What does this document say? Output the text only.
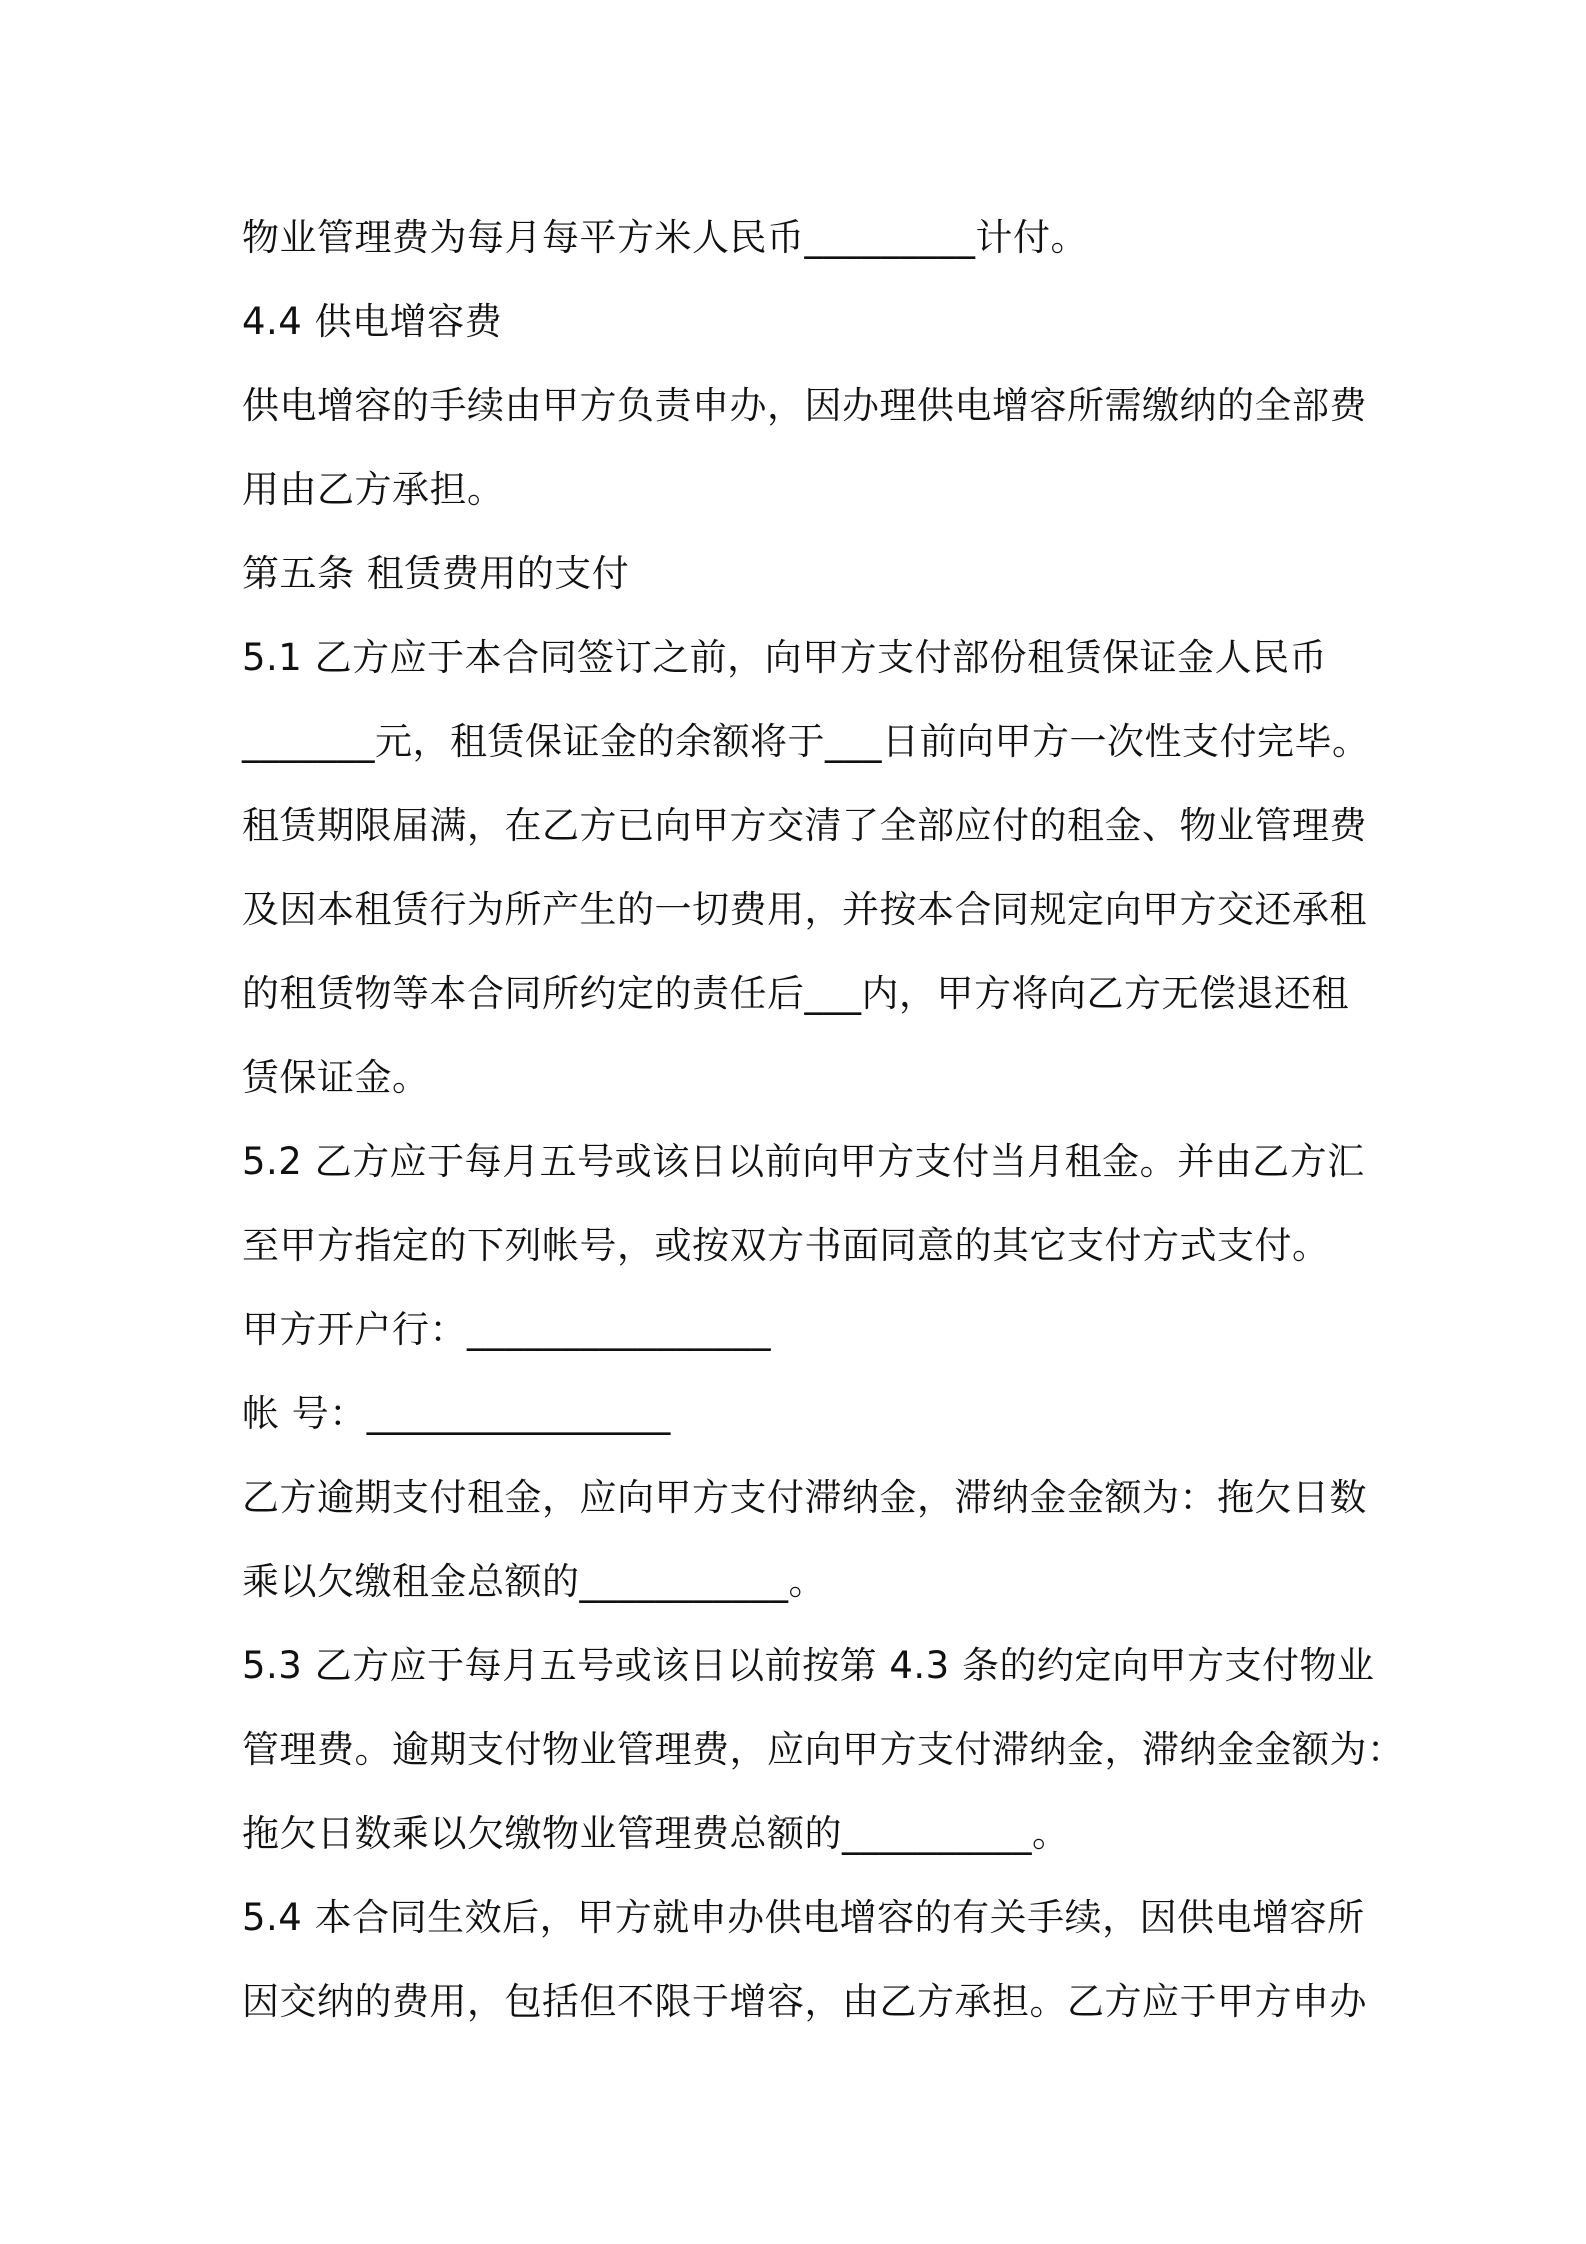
物业管理费为每月每平方米人民币_________计付。
4.4 供电增容费
供电增容的手续由甲方负责申办，因办理供电增容所需缴纳的全部费
用由乙方承担。
第五条 租赁费用的支付
5.1 乙方应于本合同签订之前，向甲方支付部份租赁保证金人民币
_______元，租赁保证金的余额将于___日前向甲方一次性支付完毕。
租赁期限届满，在乙方已向甲方交清了全部应付的租金、物业管理费
及因本租赁行为所产生的一切费用，并按本合同规定向甲方交还承租
的租赁物等本合同所约定的责任后___内，甲方将向乙方无偿退还租
赁保证金。
5.2 乙方应于每月五号或该日以前向甲方支付当月租金。并由乙方汇
至甲方指定的下列帐号，或按双方书面同意的其它支付方式支付。
甲方开户行：________________
帐 号：________________
乙方逾期支付租金，应向甲方支付滞纳金，滞纳金金额为：拖欠日数
乘以欠缴租金总额的___________。
5.3 乙方应于每月五号或该日以前按第 4.3 条的约定向甲方支付物业
管理费。逾期支付物业管理费，应向甲方支付滞纳金，滞纳金金额为：
拖欠日数乘以欠缴物业管理费总额的__________。
5.4 本合同生效后，甲方就申办供电增容的有关手续，因供电增容所
因交纳的费用，包括但不限于增容，由乙方承担。乙方应于甲方申办
